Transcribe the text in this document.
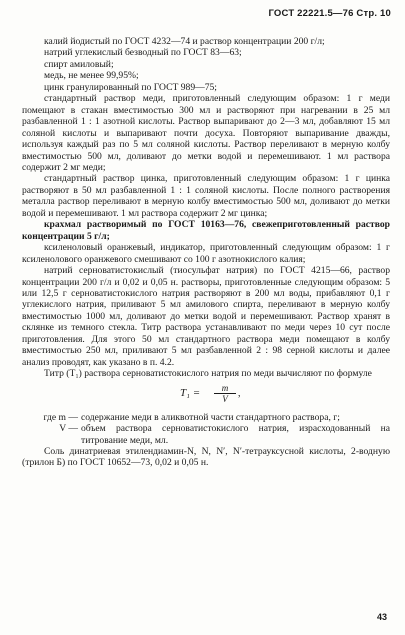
ГОСТ 22221.5—76 Стр. 10

калий йодистый по ГОСТ 4232—74 и раствор концентрации 200 г/л;

натрий углекислый безводный по ГОСТ 83—63;

спирт амиловый;

медь, не менее 99,95%;

цинк гранулированный по ГОСТ 989—75;

стандартный раствор меди, приготовленный следующим образом: 1 г меди помещают в стакан вместимостью 300 мл и растворяют при нагревании в 25 мл разбавленной 1 : 1 азотной кислоты. Раствор выпаривают до 2—3 мл, добавляют 15 мл соляной кислоты и выпаривают почти досуха. Повторяют выпаривание дважды, используя каждый раз по 5 мл соляной кислоты. Раствор переливают в мерную колбу вместимостью 500 мл, доливают до метки водой и перемешивают. 1 мл раствора содержит 2 мг меди;

стандартный раствор цинка, приготовленный следующим образом: 1 г цинка растворяют в 50 мл разбавленной 1 : 1 соляной кислоты. После полного растворения металла раствор переливают в мерную колбу вместимостью 500 мл, доливают до метки водой и перемешивают. 1 мл раствора содержит 2 мг цинка;

крахмал растворимый по ГОСТ 10163—76, свежеприготовленный раствор концентрации 5 г/л;

ксиленоловый оранжевый, индикатор, приготовленный следующим образом: 1 г ксиленолового оранжевого смешивают со 100 г азотнокислого калия;

натрий серноватистокислый (тиосульфат натрия) по ГОСТ 4215—66, раствор концентрации 200 г/л и 0,02 и 0,05 н. растворы, приготовленные следующим образом: 5 или 12,5 г серноватистокислого натрия растворяют в 200 мл воды, прибавляют 0,1 г углекислого натрия, приливают 5 мл амилового спирта, переливают в мерную колбу вместимостью 1000 мл, доливают до метки водой и перемешивают. Раствор хранят в склянке из темного стекла. Титр раствора устанавливают по меди через 10 сут после приготовления. Для этого 50 мл стандартного раствора меди помещают в колбу вместимостью 250 мл, приливают 5 мл разбавленной 2 : 98 серной кислоты и далее анализ проводят, как указано в п. 4.2.

Титр (T₁) раствора серноватистокислого натрия по меди вычисляют по формуле

$T_1 = \frac{m}{V}$ ,
где m — содержание меди в аликвотной части стандартного раствора, г;
V — объем раствора серноватистокислого натрия, израсходованный на титрование меди, мл.

Соль динатриевая этилендиамин-N, N, N′, N′-тетрауксусной кислоты, 2-водную (трилон Б) по ГОСТ 10652—73, 0,02 и 0,05 н.

43
